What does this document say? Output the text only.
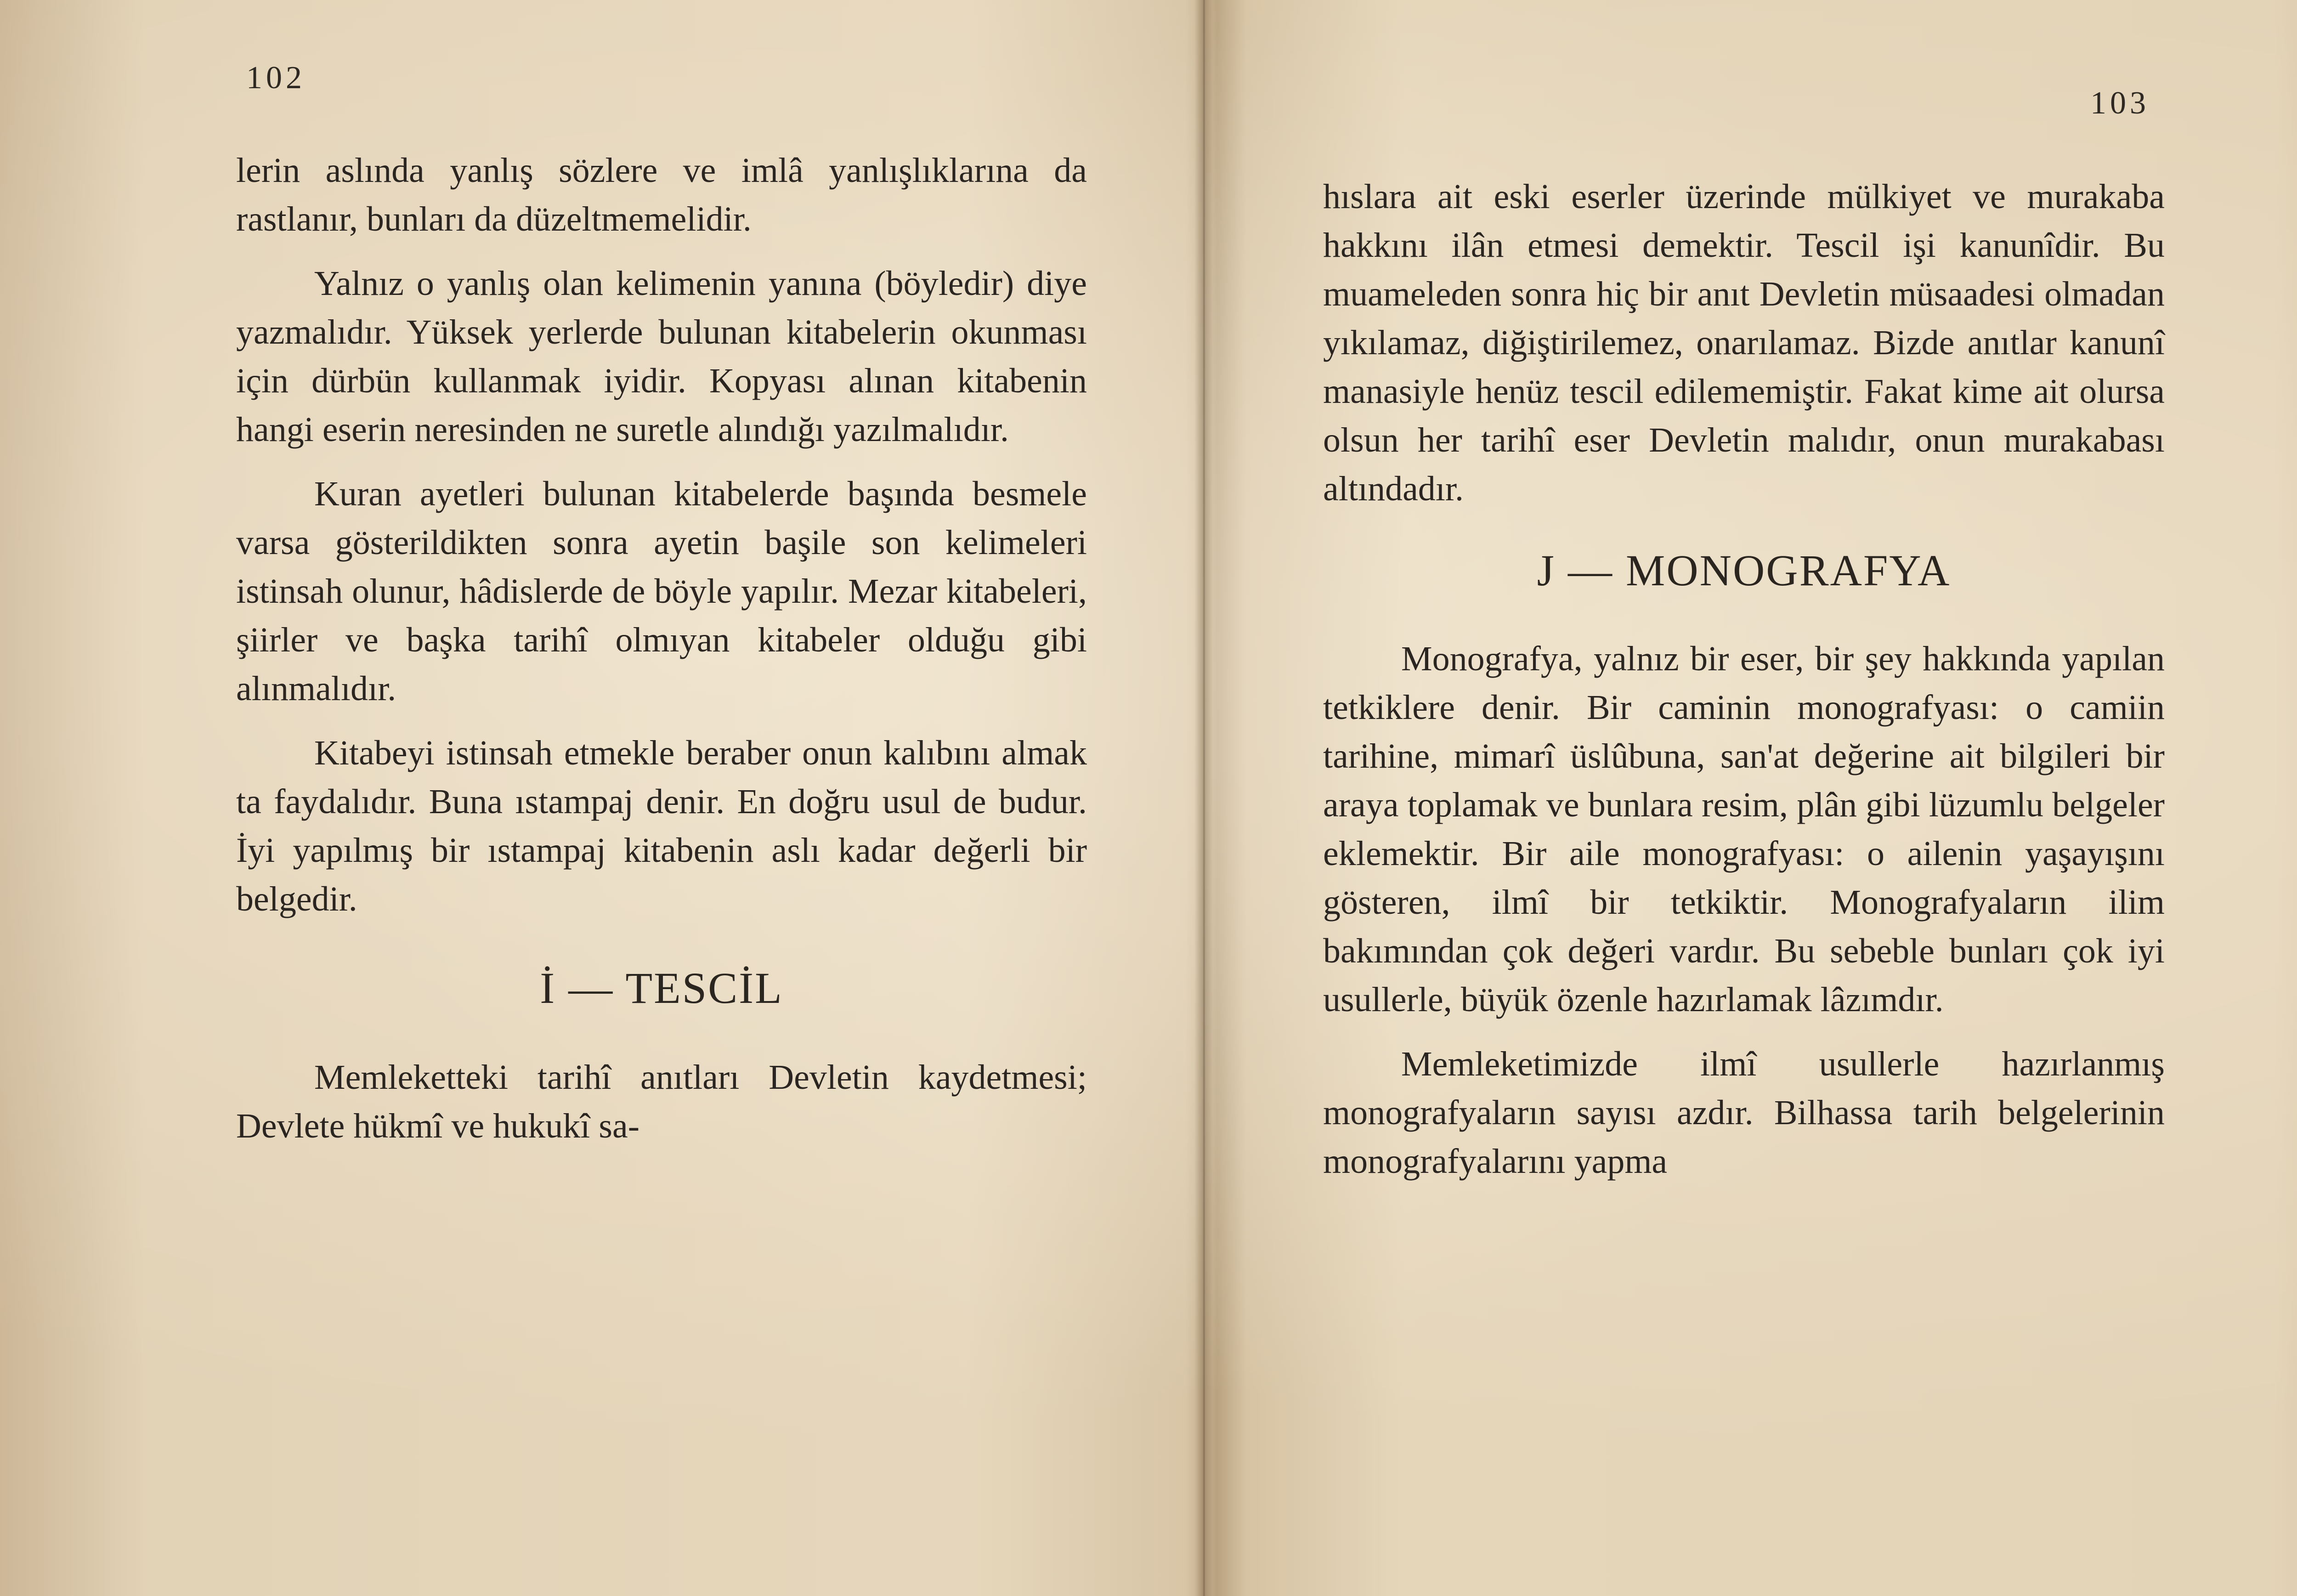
102

lerin aslında yanlış sözlere ve imlâ yanlışlıklarına da rastlanır, bunları da düzeltmemelidir.

Yalnız o yanlış olan kelimenin yanına (böyledir) diye yazmalıdır. Yüksek yerlerde bulunan kitabelerin okunması için dürbün kullanmak iyidir. Kopyası alınan kitabenin hangi eserin neresinden ne suretle alındığı yazılmalıdır.

Kuran ayetleri bulunan kitabelerde başında besmele varsa gösterildikten sonra ayetin başile son kelimeleri istinsah olunur, hâdislerde de böyle yapılır. Mezar kitabeleri, şiirler ve başka tarihî olmıyan kitabeler olduğu gibi alınmalıdır.

Kitabeyi istinsah etmekle beraber onun kalıbını almak ta faydalıdır. Buna ıstampaj denir. En doğru usul de budur. İyi yapılmış bir ıstampaj kitabenin aslı kadar değerli bir belgedir.

İ — TESCİL

Memleketteki tarihî anıtları Devletin kaydetmesi; Devlete hükmî ve hukukî sa-

103

hıslara ait eski eserler üzerinde mülkiyet ve murakaba hakkını ilân etmesi demektir. Tescil işi kanunîdir. Bu muameleden sonra hiç bir anıt Devletin müsaadesi olmadan yıkılamaz, diğiştirilemez, onarılamaz. Bizde anıtlar kanunî manasiyle henüz tescil edilememiştir. Fakat kime ait olursa olsun her tarihî eser Devletin malıdır, onun murakabası altındadır.

J — MONOGRAFYA

Monografya, yalnız bir eser, bir şey hakkında yapılan tetkiklere denir. Bir caminin monografyası: o camiin tarihine, mimarî üslûbuna, san'at değerine ait bilgileri bir araya toplamak ve bunlara resim, plân gibi lüzumlu belgeler eklemektir. Bir aile monografyası: o ailenin yaşayışını gösteren, ilmî bir tetkiktir. Monografyaların ilim bakımından çok değeri vardır. Bu sebeble bunları çok iyi usullerle, büyük özenle hazırlamak lâzımdır.

Memleketimizde ilmî usullerle hazırlanmış monografyaların sayısı azdır. Bilhassa tarih belgelerinin monografyalarını yapma
